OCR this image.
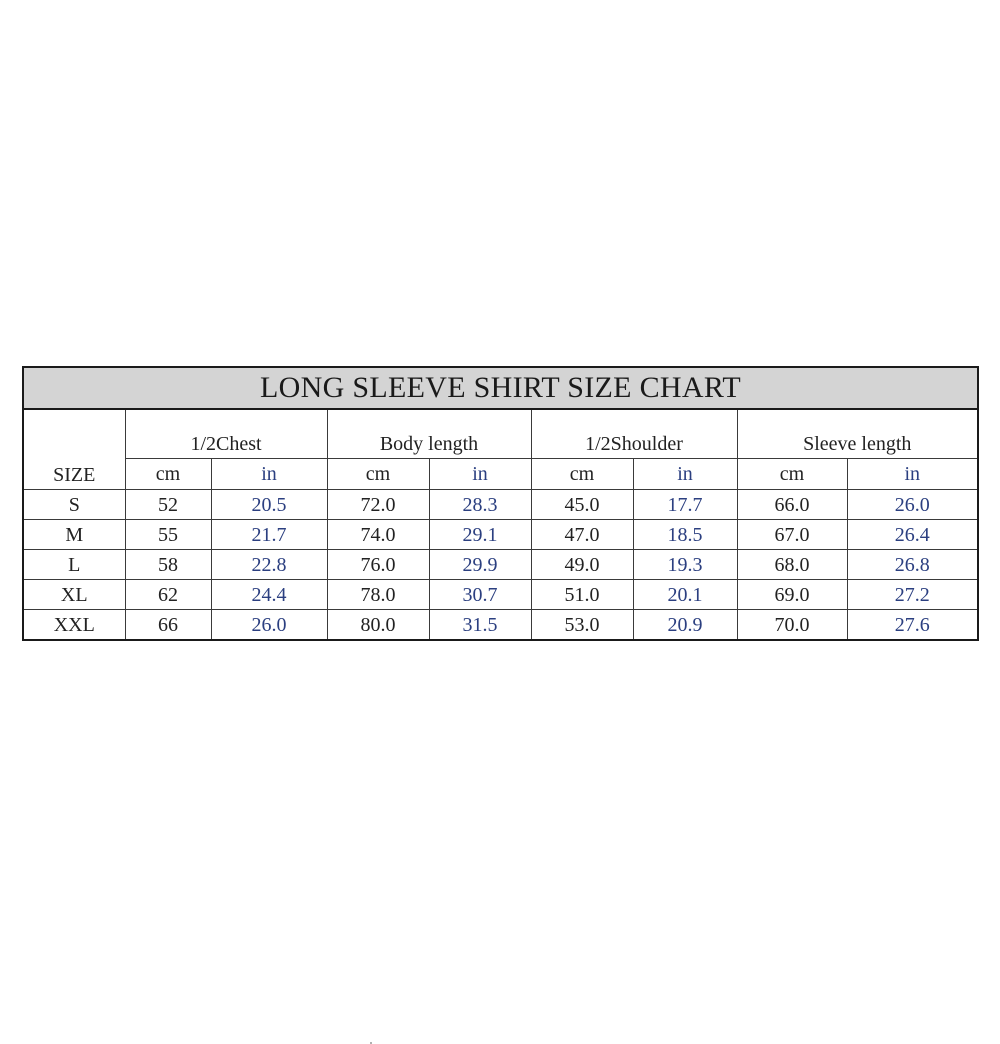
LONG SLEEVE SHIRT SIZE CHART								
SIZE	1/2Chest		Body length		1/2Shoulder		Sleeve length	
	cm	in	cm	in	cm	in	cm	in
S	52	20.5	72.0	28.3	45.0	17.7	66.0	26.0
M	55	21.7	74.0	29.1	47.0	18.5	67.0	26.4
L	58	22.8	76.0	29.9	49.0	19.3	68.0	26.8
XL	62	24.4	78.0	30.7	51.0	20.1	69.0	27.2
XXL	66	26.0	80.0	31.5	53.0	20.9	70.0	27.6
